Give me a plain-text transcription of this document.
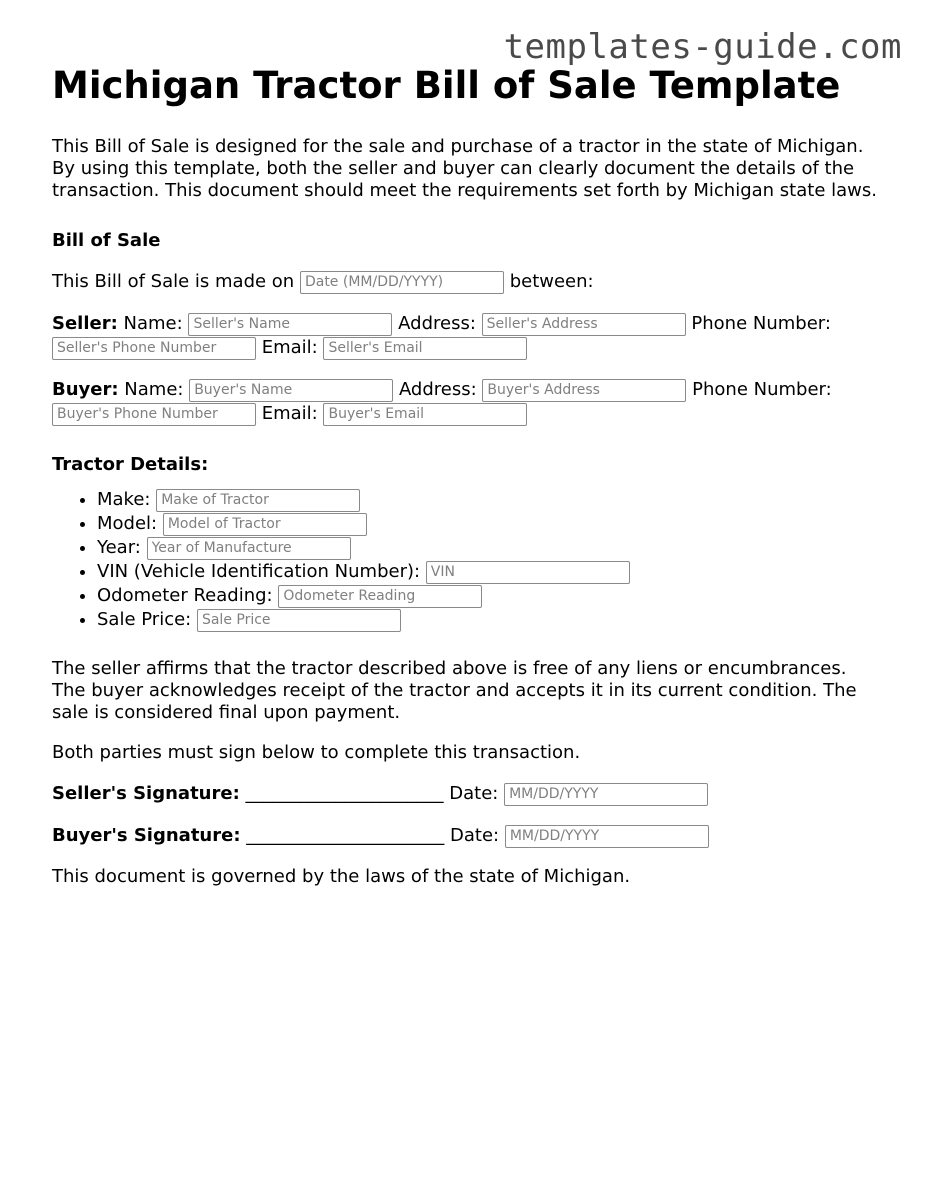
templates-guide.com
Michigan Tractor Bill of Sale Template

This Bill of Sale is designed for the sale and purchase of a tractor in the state of Michigan. By using this template, both the seller and buyer can clearly document the details of the transaction. This document should meet the requirements set forth by Michigan state laws.

Bill of Sale

This Bill of Sale is made on Date (MM/DD/YYYY)	between:

Seller: Name: Seller's Name	Address: Seller's Address	Phone Number: Seller's Phone Number Email: Seller's Email

Buyer: Name: Buyer's Name	Address: Buyer's Address	Phone Number: Buyer's Phone Number Email: Buyer's Email

Tractor Details:

• Make: Make of Tractor
• Model: Model of Tractor
• Year: Year of Manufacture
• VIN (Vehicle Identification Number): VIN
• Odometer Reading: Odometer Reading
• Sale Price: Sale Price

The seller affirms that the tractor described above is free of any liens or encumbrances. The buyer acknowledges receipt of the tractor and accepts it in its current condition. The sale is considered final upon payment.

Both parties must sign below to complete this transaction.

Seller's Signature: ______________________ Date: MM/DD/YYYY

Buyer's Signature: ______________________ Date: MM/DD/YYYY

This document is governed by the laws of the state of Michigan.
